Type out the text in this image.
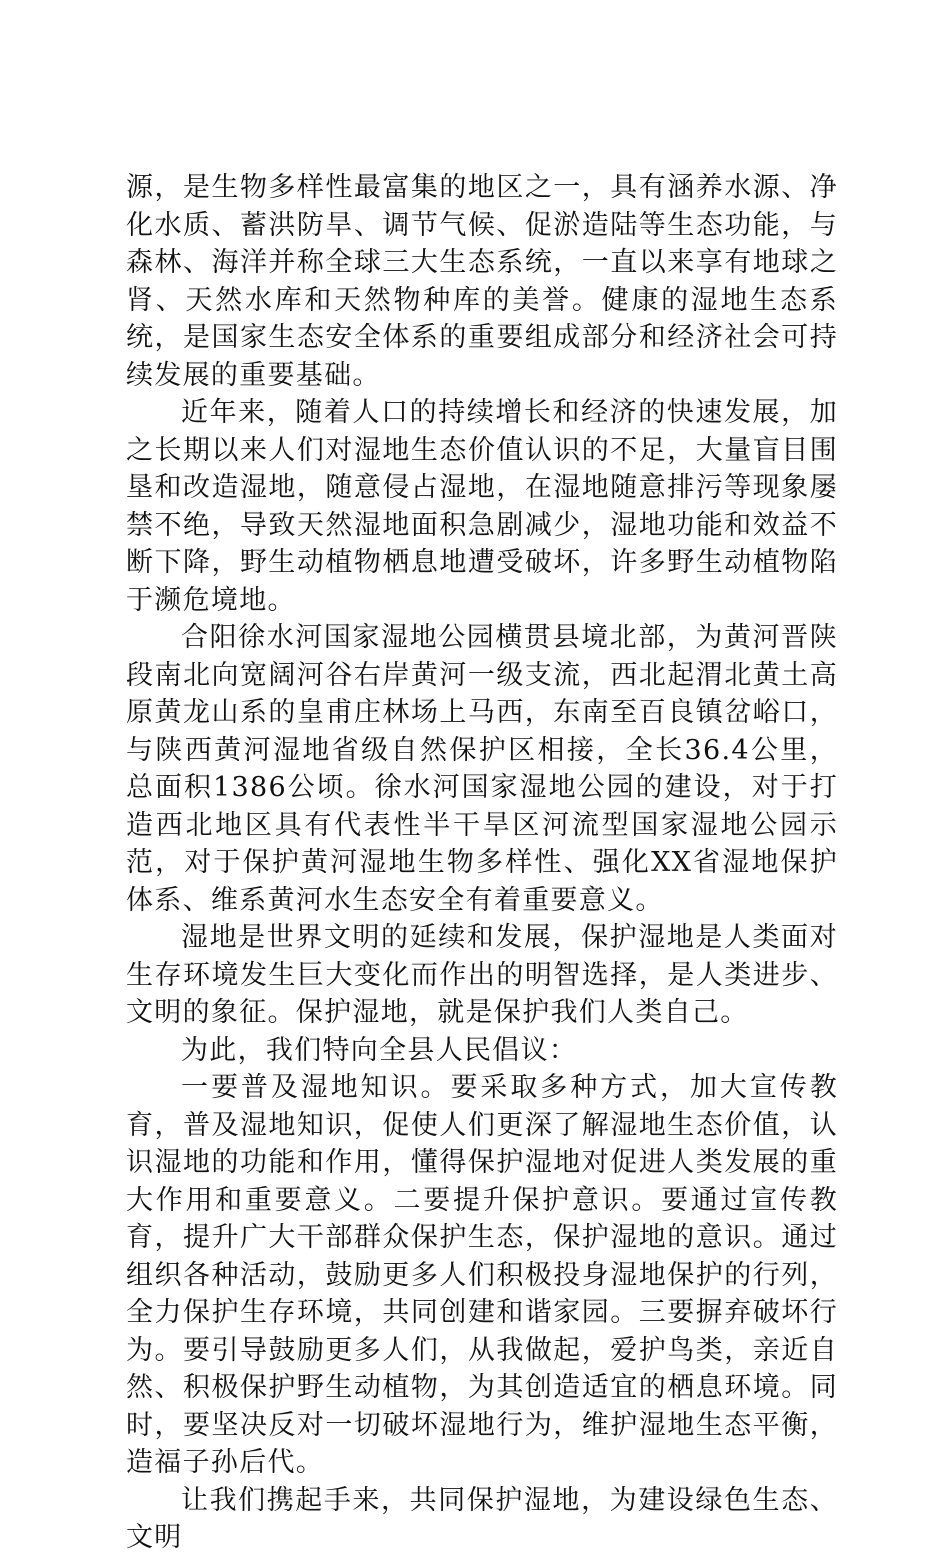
源，是生物多样性最富集的地区之一，具有涵养水源、净化水质、蓄洪防旱、调节气候、促淤造陆等生态功能，与森林、海洋并称全球三大生态系统，一直以来享有地球之肾、天然水库和天然物种库的美誉。健康的湿地生态系统，是国家生态安全体系的重要组成部分和经济社会可持续发展的重要基础。

近年来，随着人口的持续增长和经济的快速发展，加之长期以来人们对湿地生态价值认识的不足，大量盲目围垦和改造湿地，随意侵占湿地，在湿地随意排污等现象屡禁不绝，导致天然湿地面积急剧减少，湿地功能和效益不断下降，野生动植物栖息地遭受破坏，许多野生动植物陷于濒危境地。

合阳徐水河国家湿地公园横贯县境北部，为黄河晋陕段南北向宽阔河谷右岸黄河一级支流，西北起渭北黄土高原黄龙山系的皇甫庄林场上马西，东南至百良镇岔峪口，与陕西黄河湿地省级自然保护区相接，全长36.4公里，总面积1386公顷。徐水河国家湿地公园的建设，对于打造西北地区具有代表性半干旱区河流型国家湿地公园示范，对于保护黄河湿地生物多样性、强化XX省湿地保护体系、维系黄河水生态安全有着重要意义。

湿地是世界文明的延续和发展，保护湿地是人类面对生存环境发生巨大变化而作出的明智选择，是人类进步、文明的象征。保护湿地，就是保护我们人类自己。

为此，我们特向全县人民倡议：

一要普及湿地知识。要采取多种方式，加大宣传教育，普及湿地知识，促使人们更深了解湿地生态价值，认识湿地的功能和作用，懂得保护湿地对促进人类发展的重大作用和重要意义。二要提升保护意识。要通过宣传教育，提升广大干部群众保护生态，保护湿地的意识。通过组织各种活动，鼓励更多人们积极投身湿地保护的行列，全力保护生存环境，共同创建和谐家园。三要摒弃破坏行为。要引导鼓励更多人们，从我做起，爱护鸟类，亲近自然、积极保护野生动植物，为其创造适宜的栖息环境。同时，要坚决反对一切破坏湿地行为，维护湿地生态平衡，造福子孙后代。

让我们携起手来，共同保护湿地，为建设绿色生态、文明
